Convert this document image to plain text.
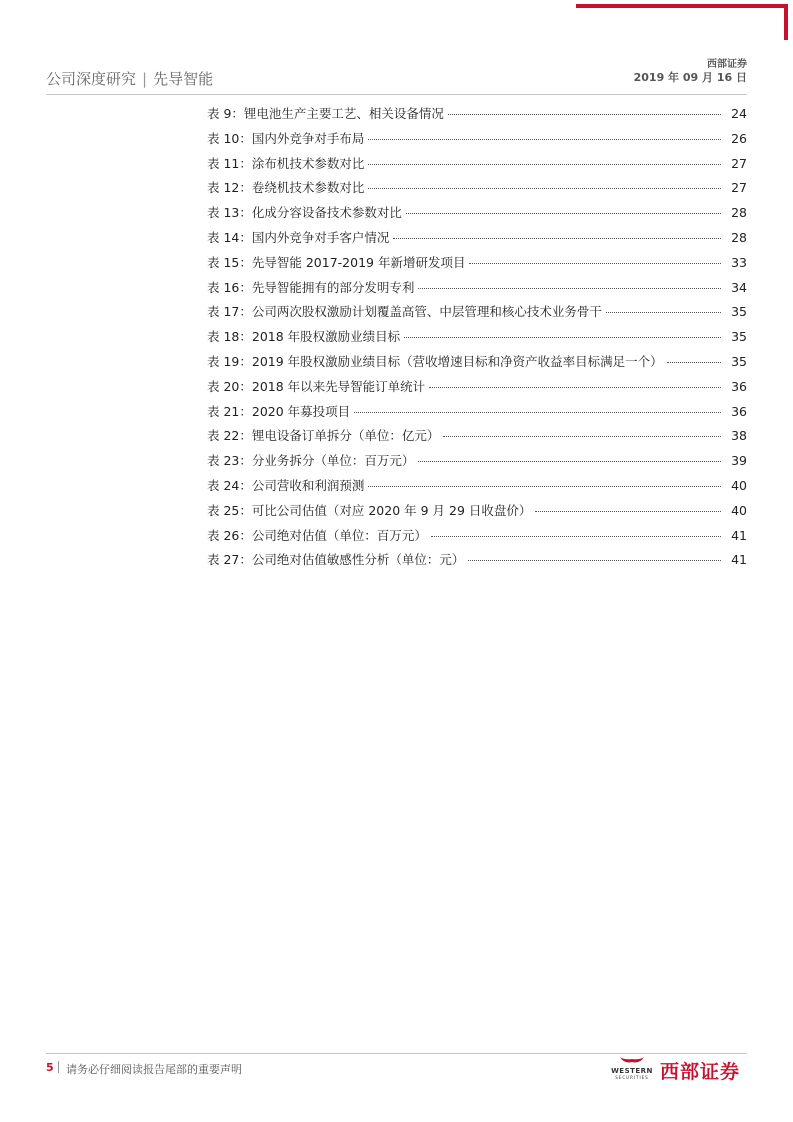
西部证券
2019 年 09 月 16 日
公司深度研究 | 先导智能
表 9：锂电池生产主要工艺、相关设备情况	24
表 10：国内外竞争对手布局	26
表 11：涂布机技术参数对比	27
表 12：卷绕机技术参数对比	27
表 13：化成分容设备技术参数对比	28
表 14：国内外竞争对手客户情况	28
表 15：先导智能 2017-2019 年新增研发项目	33
表 16：先导智能拥有的部分发明专利	34
表 17：公司两次股权激励计划覆盖高管、中层管理和核心技术业务骨干	35
表 18：2018 年股权激励业绩目标	35
表 19：2019 年股权激励业绩目标（营收增速目标和净资产收益率目标满足一个）	35
表 20：2018 年以来先导智能订单统计	36
表 21：2020 年募投项目	36
表 22：锂电设备订单拆分（单位：亿元）	38
表 23：分业务拆分（单位：百万元）	39
表 24：公司营收和利润预测	40
表 25：可比公司估值（对应 2020 年 9 月 29 日收盘价）	40
表 26：公司绝对估值（单位：百万元）	41
表 27：公司绝对估值敏感性分析（单位：元）	41
5 请务必仔细阅读报告尾部的重要声明	WESTERN
SECURITIES 西部证券
